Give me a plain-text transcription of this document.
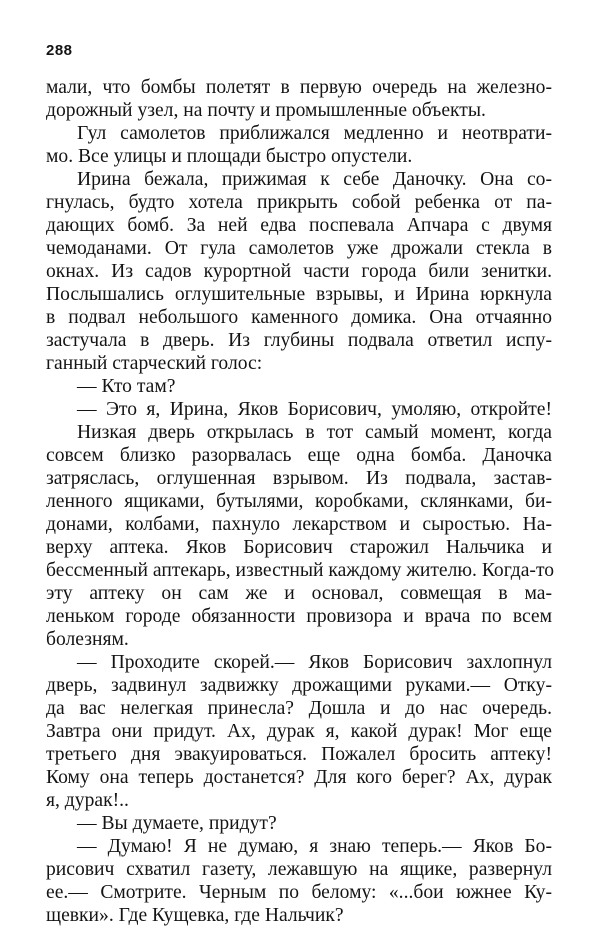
288
мали, что бомбы полетят в первую очередь на железно-
дорожный узел, на почту и промышленные объекты.
Гул самолетов приближался медленно и неотврати-
мо. Все улицы и площади быстро опустели.
Ирина бежала, прижимая к себе Даночку. Она со-
гнулась, будто хотела прикрыть собой ребенка от па-
дающих бомб. За ней едва поспевала Апчара с двумя
чемоданами. От гула самолетов уже дрожали стекла в
окнах. Из садов курортной части города били зенитки.
Послышались оглушительные взрывы, и Ирина юркнула
в подвал небольшого каменного домика. Она отчаянно
застучала в дверь. Из глубины подвала ответил испу-
ганный старческий голос:
— Кто там?
— Это я, Ирина, Яков Борисович, умоляю, откройте!
Низкая дверь открылась в тот самый момент, когда
совсем близко разорвалась еще одна бомба. Даночка
затряслась, оглушенная взрывом. Из подвала, застав-
ленного ящиками, бутылями, коробками, склянками, би-
донами, колбами, пахнуло лекарством и сыростью. На-
верху аптека. Яков Борисович старожил Нальчика и
бессменный аптекарь, известный каждому жителю. Когда-то
эту аптеку он сам же и основал, совмещая в ма-
леньком городе обязанности провизора и врача по всем
болезням.
— Проходите скорей.— Яков Борисович захлопнул
дверь, задвинул задвижку дрожащими руками.— Отку-
да вас нелегкая принесла? Дошла и до нас очередь.
Завтра они придут. Ах, дурак я, какой дурак! Мог еще
третьего дня эвакуироваться. Пожалел бросить аптеку!
Кому она теперь достанется? Для кого берег? Ах, дурак
я, дурак!..
— Вы думаете, придут?
— Думаю! Я не думаю, я знаю теперь.— Яков Бо-
рисович схватил газету, лежавшую на ящике, развернул
ее.— Смотрите. Черным по белому: «...бои южнее Ку-
щевки». Где Кущевка, где Нальчик?
